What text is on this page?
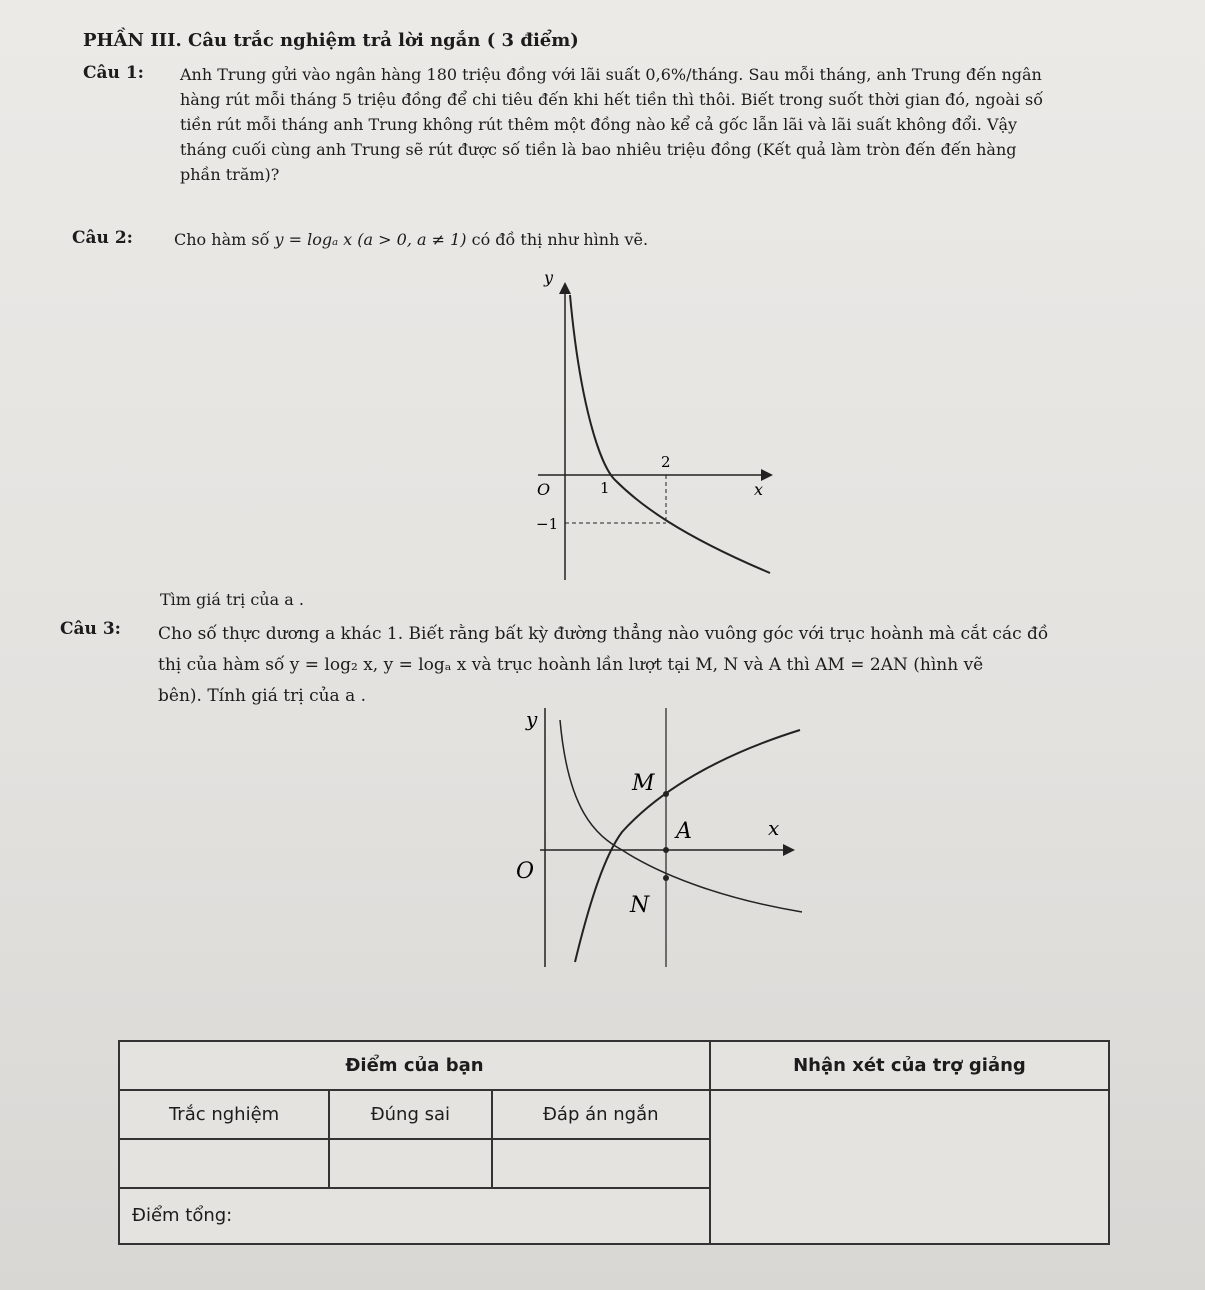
PHẦN III. Câu trắc nghiệm trả lời ngắn ( 3 điểm)
Câu 1: Anh Trung gửi vào ngân hàng 180 triệu đồng với lãi suất 0,6%/tháng. Sau mỗi tháng, anh Trung đến ngân

hàng rút mỗi tháng 5 triệu đồng để chi tiêu đến khi hết tiền thì thôi. Biết trong suốt thời gian đó, ngoài số

tiền rút mỗi tháng anh Trung không rút thêm một đồng nào kể cả gốc lẫn lãi và lãi suất không đổi. Vậy

tháng cuối cùng anh Trung sẽ rút được số tiền là bao nhiêu triệu đồng (Kết quả làm tròn đến đến hàng

phần trăm)?

Câu 2:	Cho hàm số y = logₐ x (a > 0, a ≠ 1) có đồ thị như hình vẽ.

y
x
O	1
2
−1

Tìm giá trị của a .

Câu 3: Cho số thực dương a khác 1. Biết rằng bất kỳ đường thẳng nào vuông góc với trục hoành mà cắt các đồ

thị của hàm số y = log₂ x, y = logₐ x và trục hoành lần lượt tại M, N và A thì AM = 2AN (hình vẽ

bên). Tính giá trị của a .

y
x
O
M
A
N
Điểm của bạn			Nhận xét của trợ giảng
Trắc nghiệm	Đúng sai	Đáp án ngắn	

Điểm tổng:			
